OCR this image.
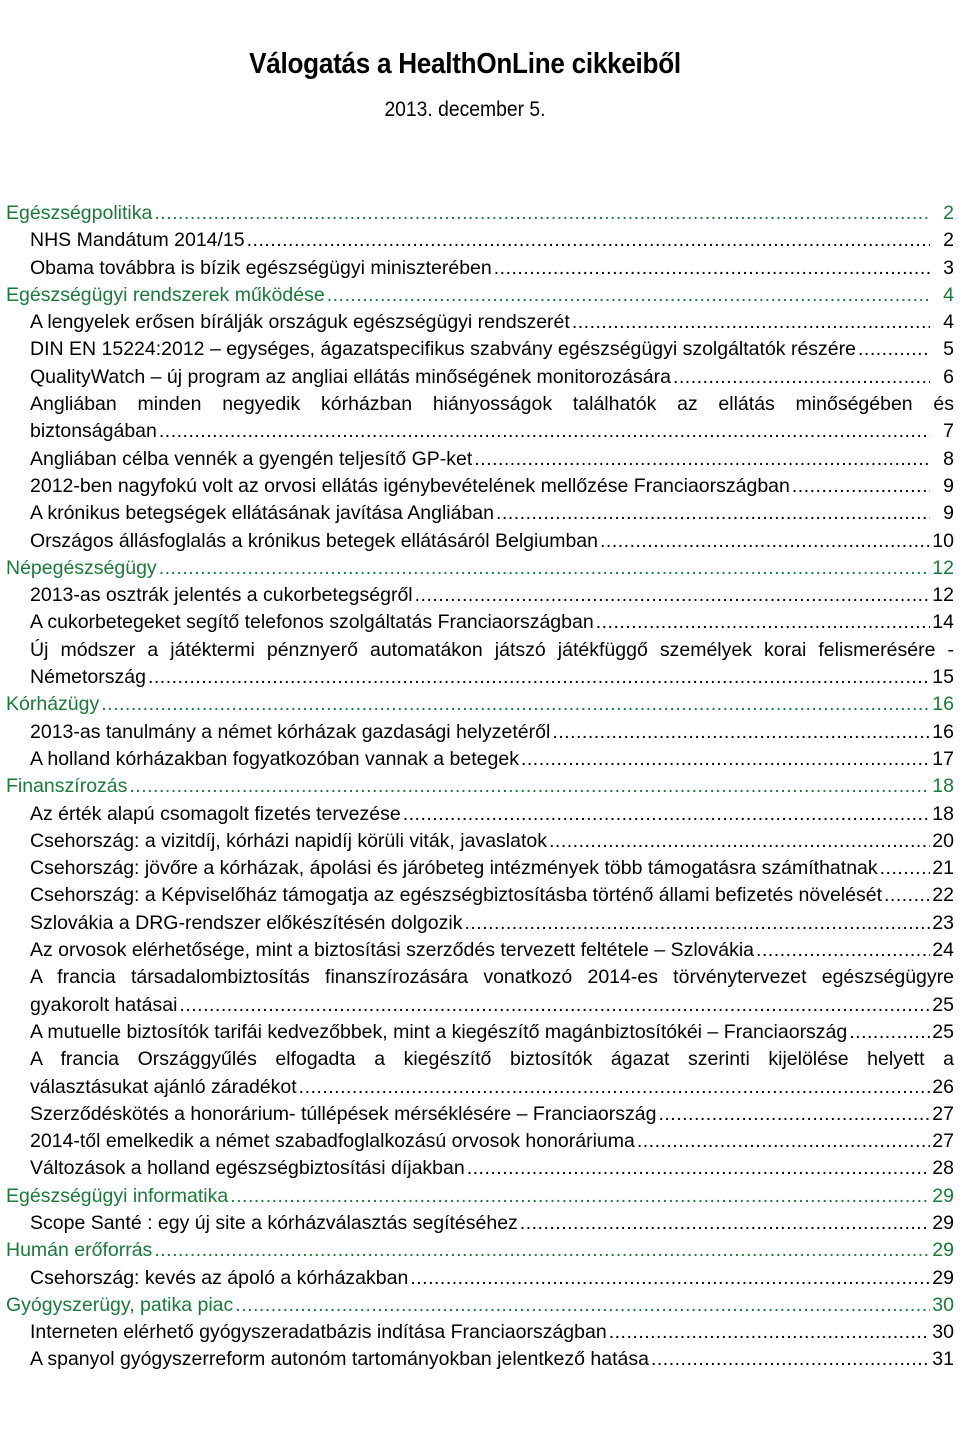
Válogatás a HealthOnLine cikkeiből
2013. december 5.
Egészségpolitika .....	2
NHS Mandátum 2014/15 .....	2
Obama továbbra is bízik egészségügyi miniszterében .....	3
Egészségügyi rendszerek működése .....	4
A lengyelek erősen bírálják országuk egészségügyi rendszerét .....	4
DIN EN 15224:2012 – egységes, ágazatspecifikus szabvány egészségügyi szolgáltatók részére .....	5
QualityWatch – új program az angliai ellátás minőségének monitorozására .....	6
Angliában minden negyedik kórházban hiányosságok találhatók az ellátás minőségében és
biztonságában .....	7
Angliában célba vennék a gyengén teljesítő GP-ket .....	8
2012-ben nagyfokú volt az orvosi ellátás igénybevételének mellőzése Franciaországban .....	9
A krónikus betegségek ellátásának javítása Angliában .....	9
Országos állásfoglalás a krónikus betegek ellátásáról Belgiumban .....	10
Népegészségügy .....	12
2013-as osztrák jelentés a cukorbetegségről .....	12
A cukorbetegeket segítő telefonos szolgáltatás Franciaországban .....	14
Új módszer a játéktermi pénznyerő automatákon játszó játékfüggő személyek korai felismerésére -
Németország .....	15
Kórházügy .....	16
2013-as tanulmány a német kórházak gazdasági helyzetéről .....	16
A holland kórházakban fogyatkozóban vannak a betegek .....	17
Finanszírozás .....	18
Az érték alapú csomagolt fizetés tervezése .....	18
Csehország: a vizitdíj, kórházi napidíj körüli viták, javaslatok .....	20
Csehország: jövőre a kórházak, ápolási és járóbeteg intézmények több támogatásra számíthatnak .....	21
Csehország: a Képviselőház támogatja az egészségbiztosításba történő állami befizetés növelését .....	22
Szlovákia a DRG-rendszer előkészítésén dolgozik .....	23
Az orvosok elérhetősége, mint a biztosítási szerződés tervezett feltétele – Szlovákia .....	24
A francia társadalombiztosítás finanszírozására vonatkozó 2014-es törvénytervezet egészségügyre
gyakorolt hatásai .....	25
A mutuelle biztosítók tarifái kedvezőbbek, mint a kiegészítő magánbiztosítókéi – Franciaország .....	25
A francia Országgyűlés elfogadta a kiegészítő biztosítók ágazat szerinti kijelölése helyett a
választásukat ajánló záradékot .....	26
Szerződéskötés a honorárium- túllépések mérséklésére – Franciaország .....	27
2014-től emelkedik a német szabadfoglalkozású orvosok honoráriuma .....	27
Változások a holland egészségbiztosítási díjakban .....	28
Egészségügyi informatika .....	29
Scope Santé : egy új site a kórházválasztás segítéséhez .....	29
Humán erőforrás .....	29
Csehország: kevés az ápoló a kórházakban .....	29
Gyógyszerügy, patika piac .....	30
Interneten elérhető gyógyszeradatbázis indítása Franciaországban .....	30
A spanyol gyógyszerreform autonóm tartományokban jelentkező hatása .....	31
